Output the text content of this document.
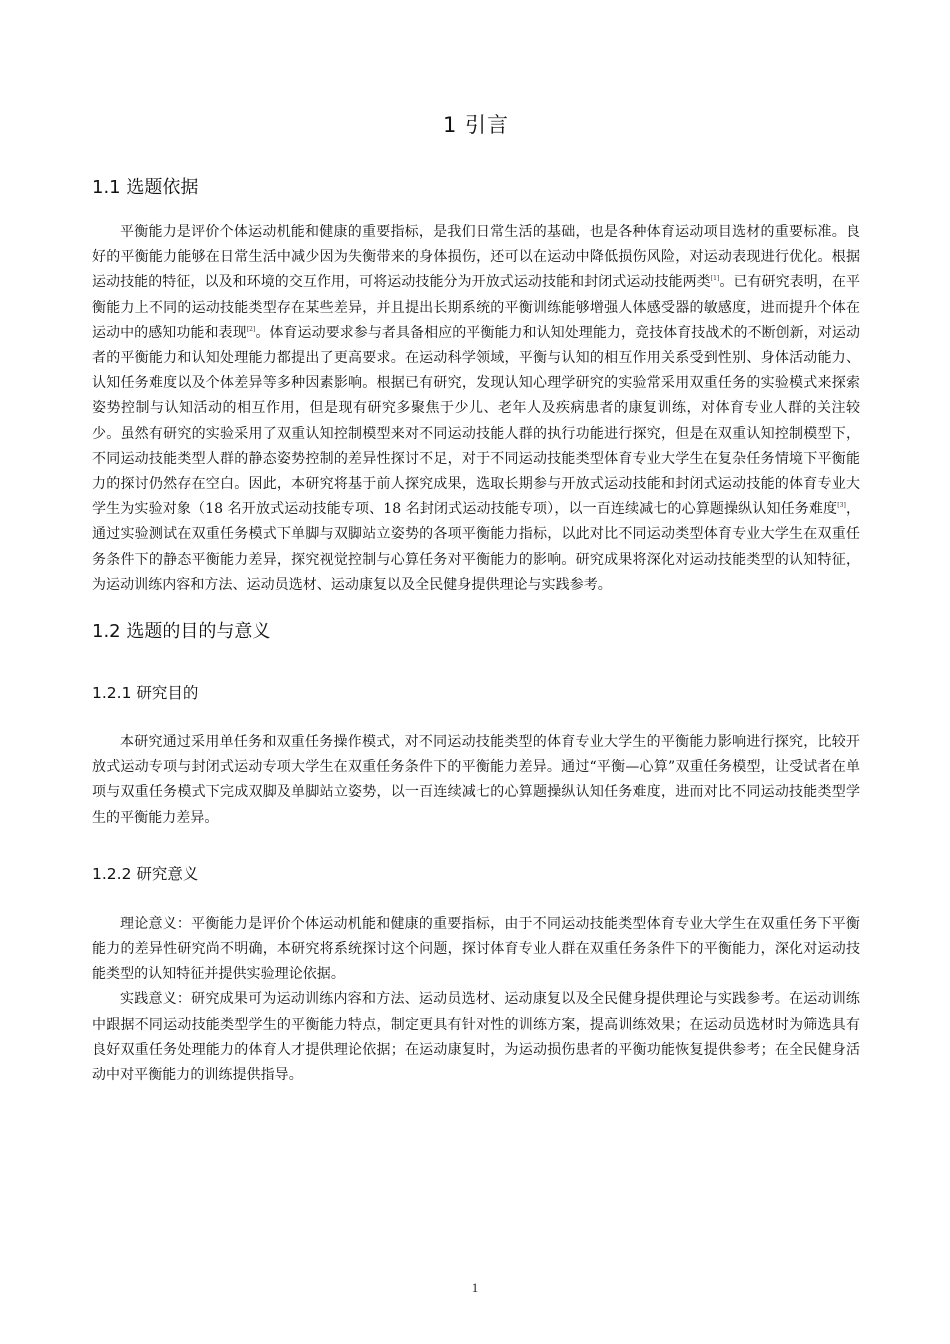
1 引言
1.1 选题依据

平衡能力是评价个体运动机能和健康的重要指标，是我们日常生活的基础，也是各种体育运动项目选材的重要标准。良好的平衡能力能够在日常生活中减少因为失衡带来的身体损伤，还可以在运动中降低损伤风险，对运动表现进行优化。根据运动技能的特征，以及和环境的交互作用，可将运动技能分为开放式运动技能和封闭式运动技能两类[1]。已有研究表明，在平衡能力上不同的运动技能类型存在某些差异，并且提出长期系统的平衡训练能够增强人体感受器的敏感度，进而提升个体在运动中的感知功能和表现[2]。体育运动要求参与者具备相应的平衡能力和认知处理能力，竞技体育技战术的不断创新，对运动者的平衡能力和认知处理能力都提出了更高要求。在运动科学领域，平衡与认知的相互作用关系受到性别、身体活动能力、认知任务难度以及个体差异等多种因素影响。根据已有研究，发现认知心理学研究的实验常采用双重任务的实验模式来探索姿势控制与认知活动的相互作用，但是现有研究多聚焦于少儿、老年人及疾病患者的康复训练，对体育专业人群的关注较少。虽然有研究的实验采用了双重认知控制模型来对不同运动技能人群的执行功能进行探究，但是在双重认知控制模型下，不同运动技能类型人群的静态姿势控制的差异性探讨不足，对于不同运动技能类型体育专业大学生在复杂任务情境下平衡能力的探讨仍然存在空白。因此，本研究将基于前人探究成果，选取长期参与开放式运动技能和封闭式运动技能的体育专业大学生为实验对象（18 名开放式运动技能专项、18 名封闭式运动技能专项），以一百连续减七的心算题操纵认知任务难度[3]，通过实验测试在双重任务模式下单脚与双脚站立姿势的各项平衡能力指标，以此对比不同运动类型体育专业大学生在双重任务条件下的静态平衡能力差异，探究视觉控制与心算任务对平衡能力的影响。研究成果将深化对运动技能类型的认知特征，为运动训练内容和方法、运动员选材、运动康复以及全民健身提供理论与实践参考。

1.2 选题的目的与意义
1.2.1 研究目的

本研究通过采用单任务和双重任务操作模式，对不同运动技能类型的体育专业大学生的平衡能力影响进行探究，比较开放式运动专项与封闭式运动专项大学生在双重任务条件下的平衡能力差异。通过“平衡—心算”双重任务模型，让受试者在单项与双重任务模式下完成双脚及单脚站立姿势，以一百连续减七的心算题操纵认知任务难度，进而对比不同运动技能类型学生的平衡能力差异。

1.2.2 研究意义

理论意义：平衡能力是评价个体运动机能和健康的重要指标，由于不同运动技能类型体育专业大学生在双重任务下平衡能力的差异性研究尚不明确，本研究将系统探讨这个问题，探讨体育专业人群在双重任务条件下的平衡能力，深化对运动技能类型的认知特征并提供实验理论依据。

实践意义：研究成果可为运动训练内容和方法、运动员选材、运动康复以及全民健身提供理论与实践参考。在运动训练中跟据不同运动技能类型学生的平衡能力特点，制定更具有针对性的训练方案，提高训练效果；在运动员选材时为筛选具有良好双重任务处理能力的体育人才提供理论依据；在运动康复时，为运动损伤患者的平衡功能恢复提供参考；在全民健身活动中对平衡能力的训练提供指导。

1
